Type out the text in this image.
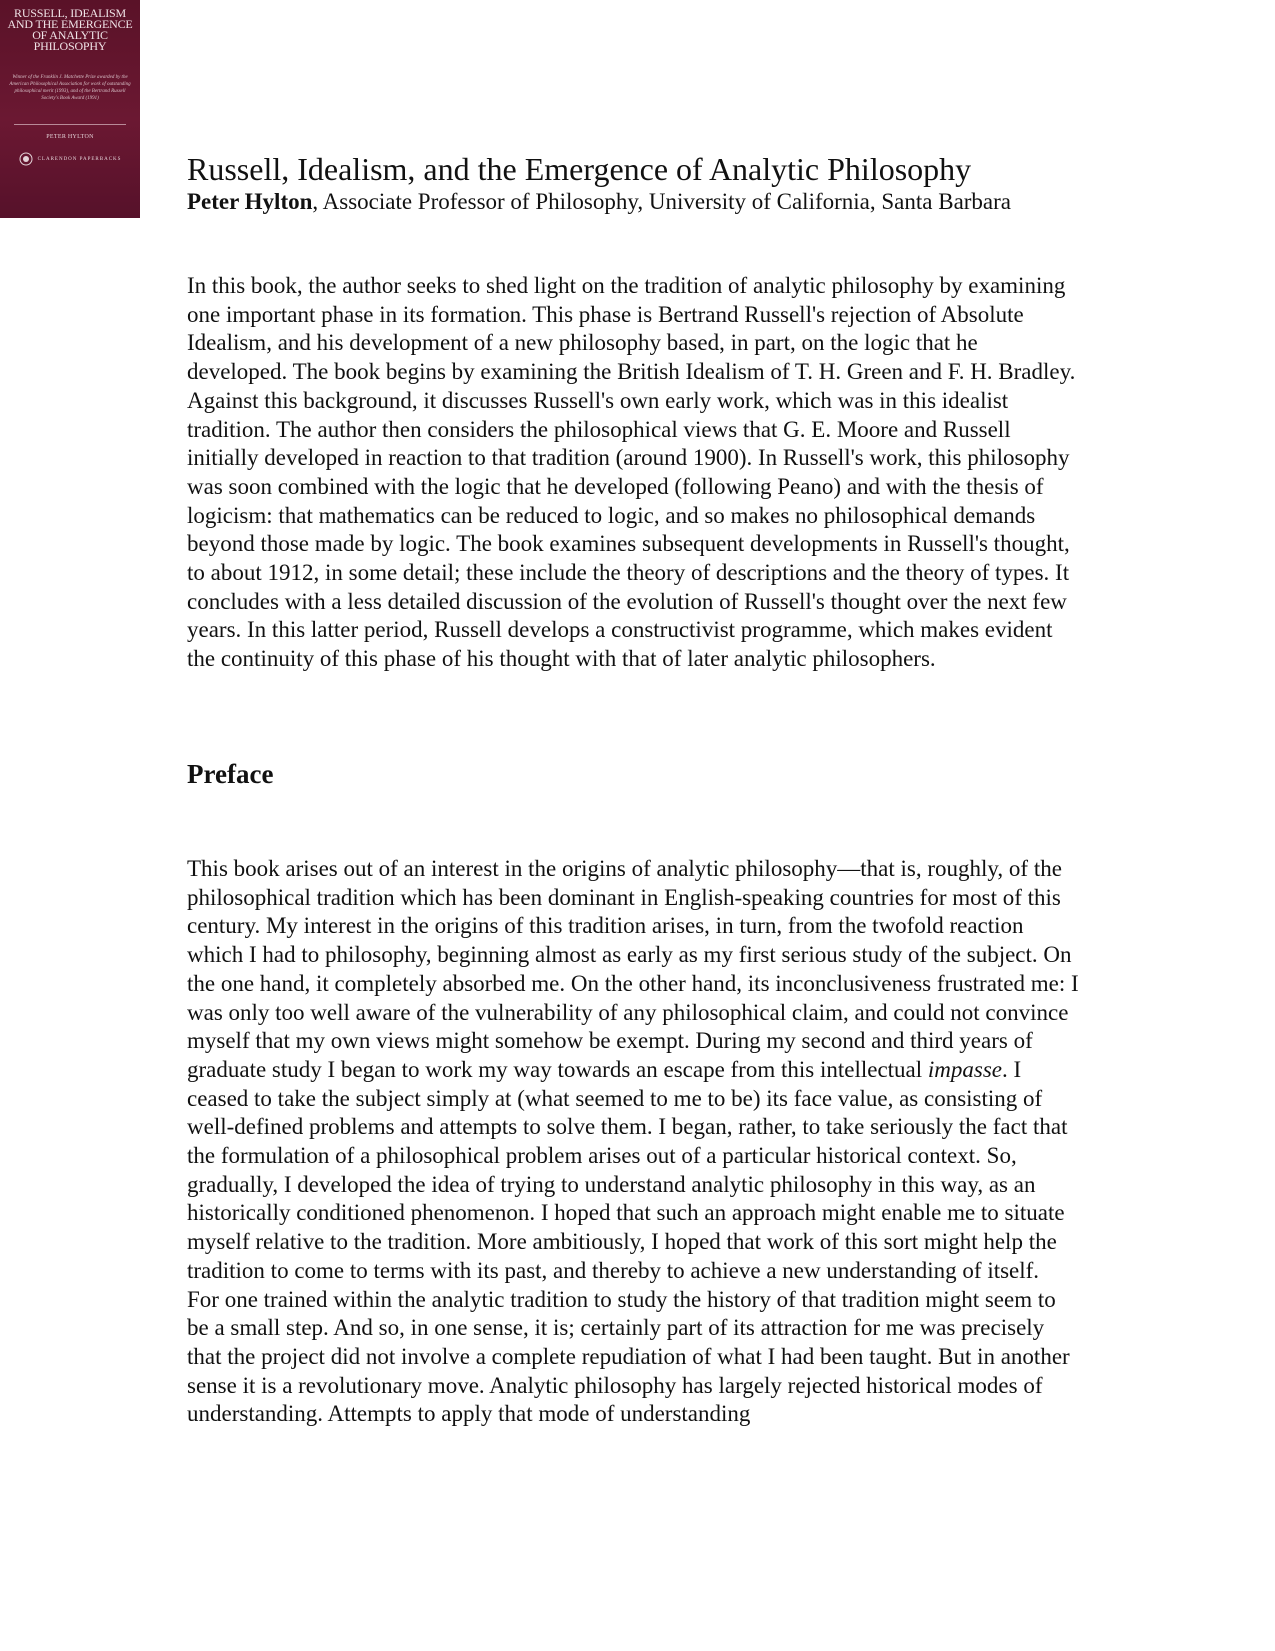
RUSSELL, IDEALISM AND THE EMERGENCE OF ANALYTIC PHILOSOPHY
Winner of the Franklin J. Matchette Prize awarded by the American Philosophical Association for work of outstanding philosophical merit (1993), and of the Bertrand Russell Society's Book Award (1991)
PETER HYLTON
CLARENDON PAPERBACKS Russell, Idealism, and the Emergence of Analytic Philosophy

Peter Hylton, Associate Professor of Philosophy, University of California, Santa Barbara

In this book, the author seeks to shed light on the tradition of analytic philosophy by examining one important phase in its formation. This phase is Bertrand Russell's rejection of Absolute Idealism, and his development of a new philosophy based, in part, on the logic that he developed. The book begins by examining the British Idealism of T. H. Green and F. H. Bradley. Against this background, it discusses Russell's own early work, which was in this idealist tradition. The author then considers the philosophical views that G. E. Moore and Russell initially developed in reaction to that tradition (around 1900). In Russell's work, this philosophy was soon combined with the logic that he developed (following Peano) and with the thesis of logicism: that mathematics can be reduced to logic, and so makes no philosophical demands beyond those made by logic. The book examines subsequent developments in Russell's thought, to about 1912, in some detail; these include the theory of descriptions and the theory of types. It concludes with a less detailed discussion of the evolution of Russell's thought over the next few years. In this latter period, Russell develops a constructivist programme, which makes evident the continuity of this phase of his thought with that of later analytic philosophers.

Preface

This book arises out of an interest in the origins of analytic philosophy—that is, roughly, of the philosophical tradition which has been dominant in English-speaking countries for most of this century. My interest in the origins of this tradition arises, in turn, from the twofold reaction which I had to philosophy, beginning almost as early as my first serious study of the subject. On the one hand, it completely absorbed me. On the other hand, its inconclusiveness frustrated me: I was only too well aware of the vulnerability of any philosophical claim, and could not convince myself that my own views might somehow be exempt. During my second and third years of graduate study I began to work my way towards an escape from this intellectual impasse. I ceased to take the subject simply at (what seemed to me to be) its face value, as consisting of well-defined problems and attempts to solve them. I began, rather, to take seriously the fact that the formulation of a philosophical problem arises out of a particular historical context. So, gradually, I developed the idea of trying to understand analytic philosophy in this way, as an historically conditioned phenomenon. I hoped that such an approach might enable me to situate myself relative to the tradition. More ambitiously, I hoped that work of this sort might help the tradition to come to terms with its past, and thereby to achieve a new understanding of itself.

For one trained within the analytic tradition to study the history of that tradition might seem to be a small step. And so, in one sense, it is; certainly part of its attraction for me was precisely that the project did not involve a complete repudiation of what I had been taught. But in another sense it is a revolutionary move. Analytic philosophy has largely rejected historical modes of understanding. Attempts to apply that mode of understanding
